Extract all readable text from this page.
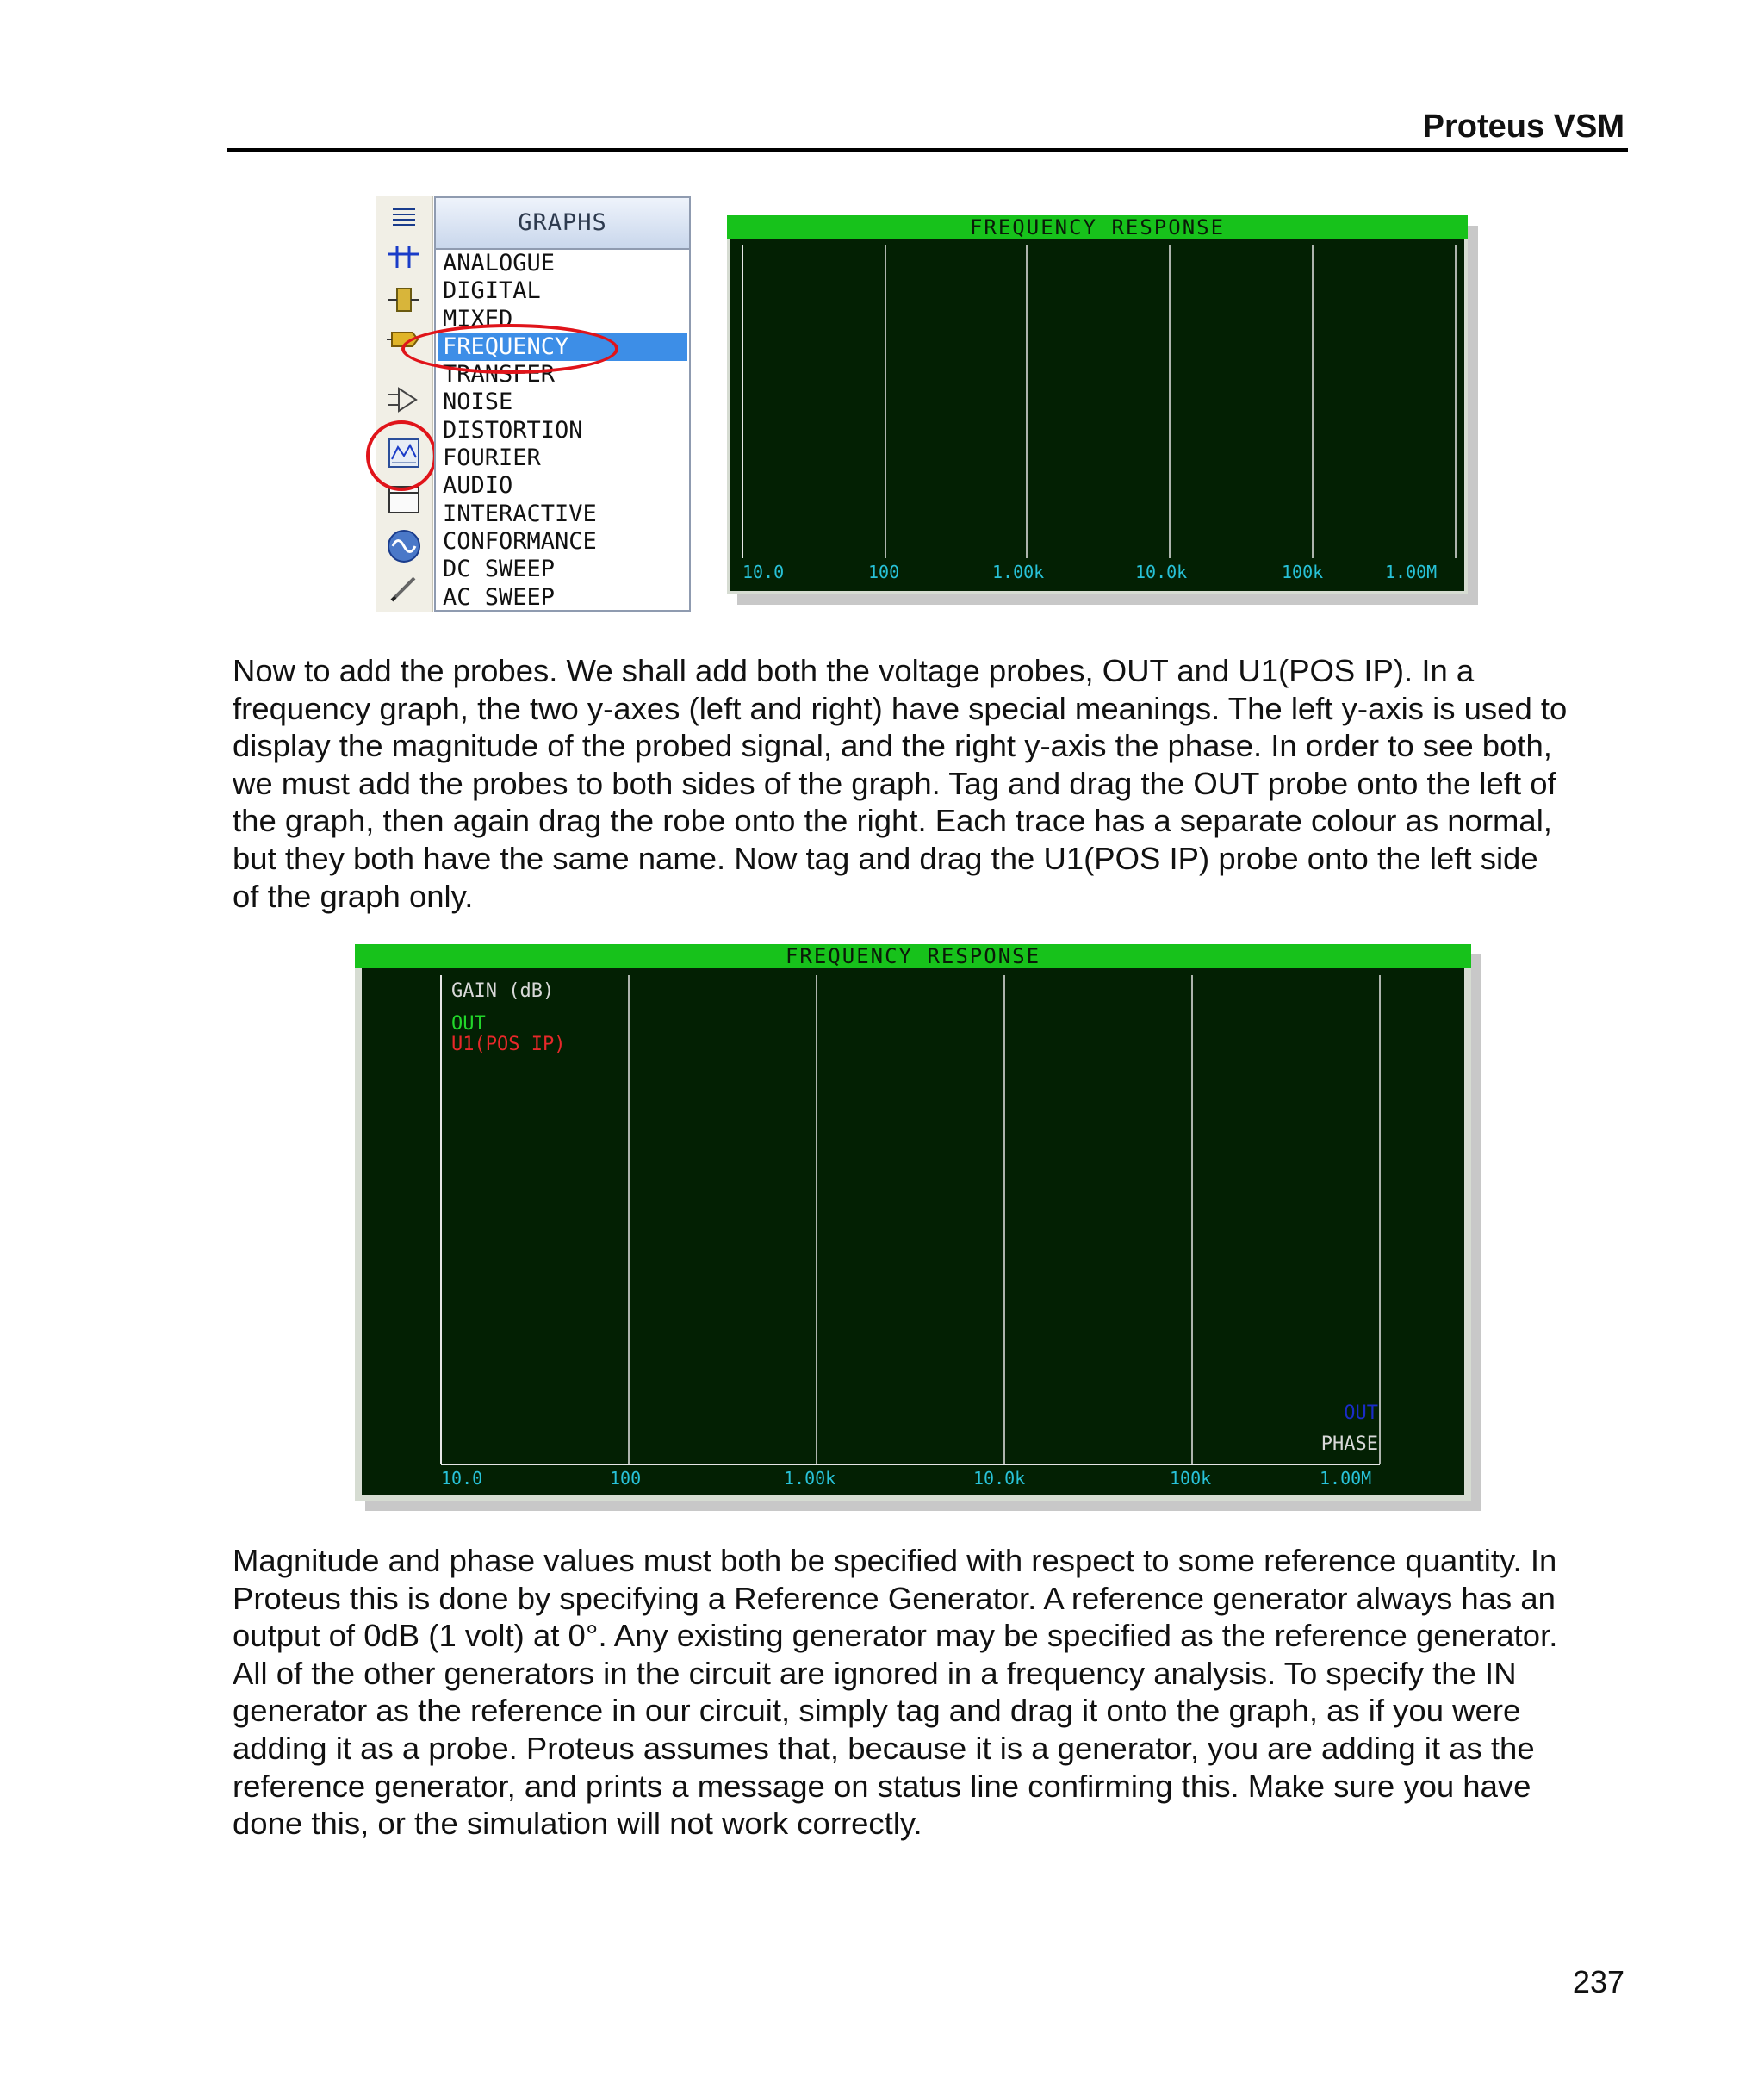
Proteus VSM
GRAPHS
ANALOGUE
DIGITAL
MIXED
FREQUENCY
TRANSFER
NOISE
DISTORTION
FOURIER
AUDIO
INTERACTIVE
CONFORMANCE
DC SWEEP
AC SWEEP
FREQUENCY RESPONSE
10.0	100	1.00k	10.0k	100k	1.00M
Now to add the probes. We shall add both the voltage probes, OUT and U1(POS IP). In a
frequency graph, the two y-axes (left and right) have special meanings. The left y-axis is used to
display the magnitude of the probed signal, and the right y-axis the phase. In order to see both,
we must add the probes to both sides of the graph. Tag and drag the OUT probe onto the left of
the graph, then again drag the robe onto the right. Each trace has a separate colour as normal,
but they both have the same name. Now tag and drag the U1(POS IP) probe onto the left side
of the graph only.
FREQUENCY RESPONSE
GAIN (dB)
OUT
U1(POS IP)
OUT
PHASE
10.0	100	1.00k	10.0k	100k	1.00M
Magnitude and phase values must both be specified with respect to some reference quantity. In
Proteus this is done by specifying a Reference Generator. A reference generator always has an
output of 0dB (1 volt) at 0°. Any existing generator may be specified as the reference generator.
All of the other generators in the circuit are ignored in a frequency analysis. To specify the IN
generator as the reference in our circuit, simply tag and drag it onto the graph, as if you were
adding it as a probe. Proteus assumes that, because it is a generator, you are adding it as the
reference generator, and prints a message on status line confirming this. Make sure you have
done this, or the simulation will not work correctly.
237
